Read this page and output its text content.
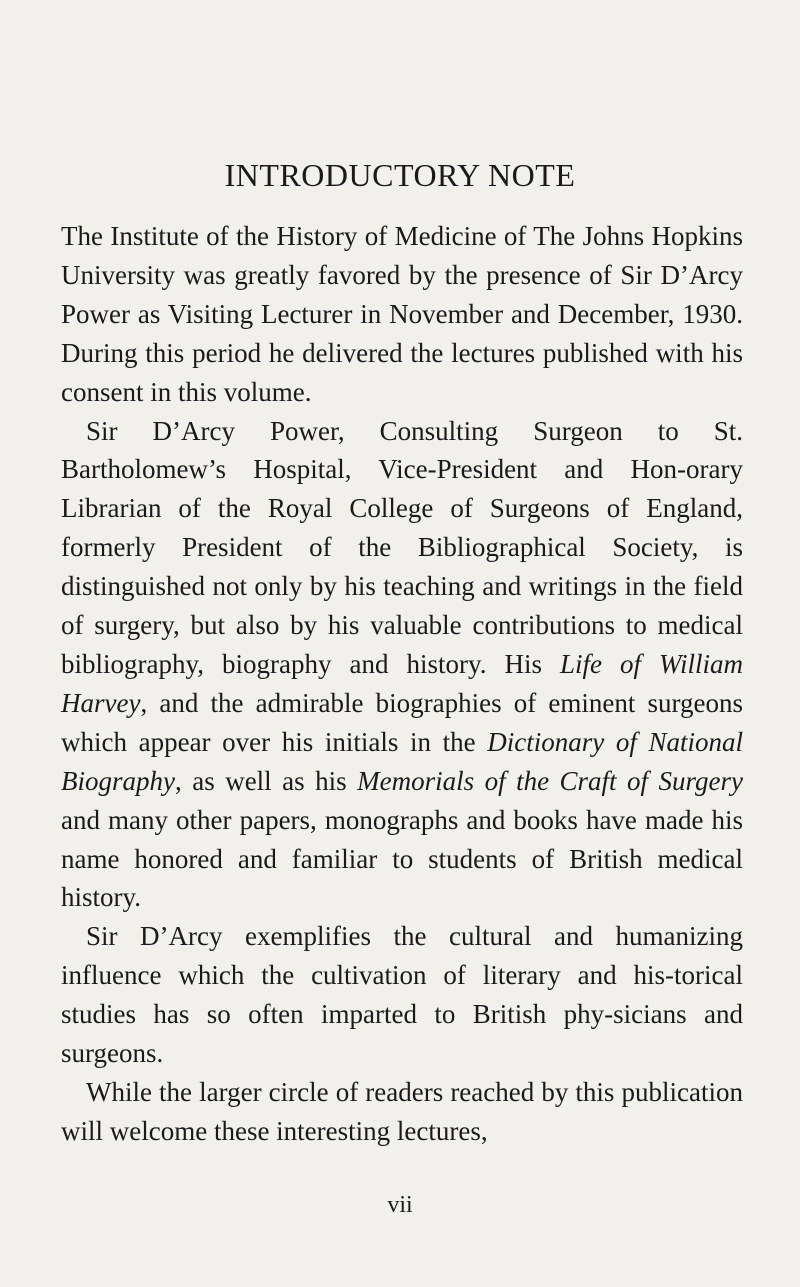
INTRODUCTORY NOTE

The Institute of the History of Medicine of The Johns Hopkins University was greatly favored by the presence of Sir D’Arcy Power as Visiting Lecturer in November and December, 1930. During this period he delivered the lectures published with his consent in this volume.

Sir D’Arcy Power, Consulting Surgeon to St. Bartholomew’s Hospital, Vice-President and Hon-orary Librarian of the Royal College of Surgeons of England, formerly President of the Bibliographical Society, is distinguished not only by his teaching and writings in the field of surgery, but also by his valuable contributions to medical bibliography, biography and history. His Life of William Harvey, and the admirable biographies of eminent surgeons which appear over his initials in the Dictionary of National Biography, as well as his Memorials of the Craft of Surgery and many other papers, monographs and books have made his name honored and familiar to students of British medical history.

Sir D’Arcy exemplifies the cultural and humanizing influence which the cultivation of literary and his-torical studies has so often imparted to British phy-sicians and surgeons.

While the larger circle of readers reached by this publication will welcome these interesting lectures,

vii
